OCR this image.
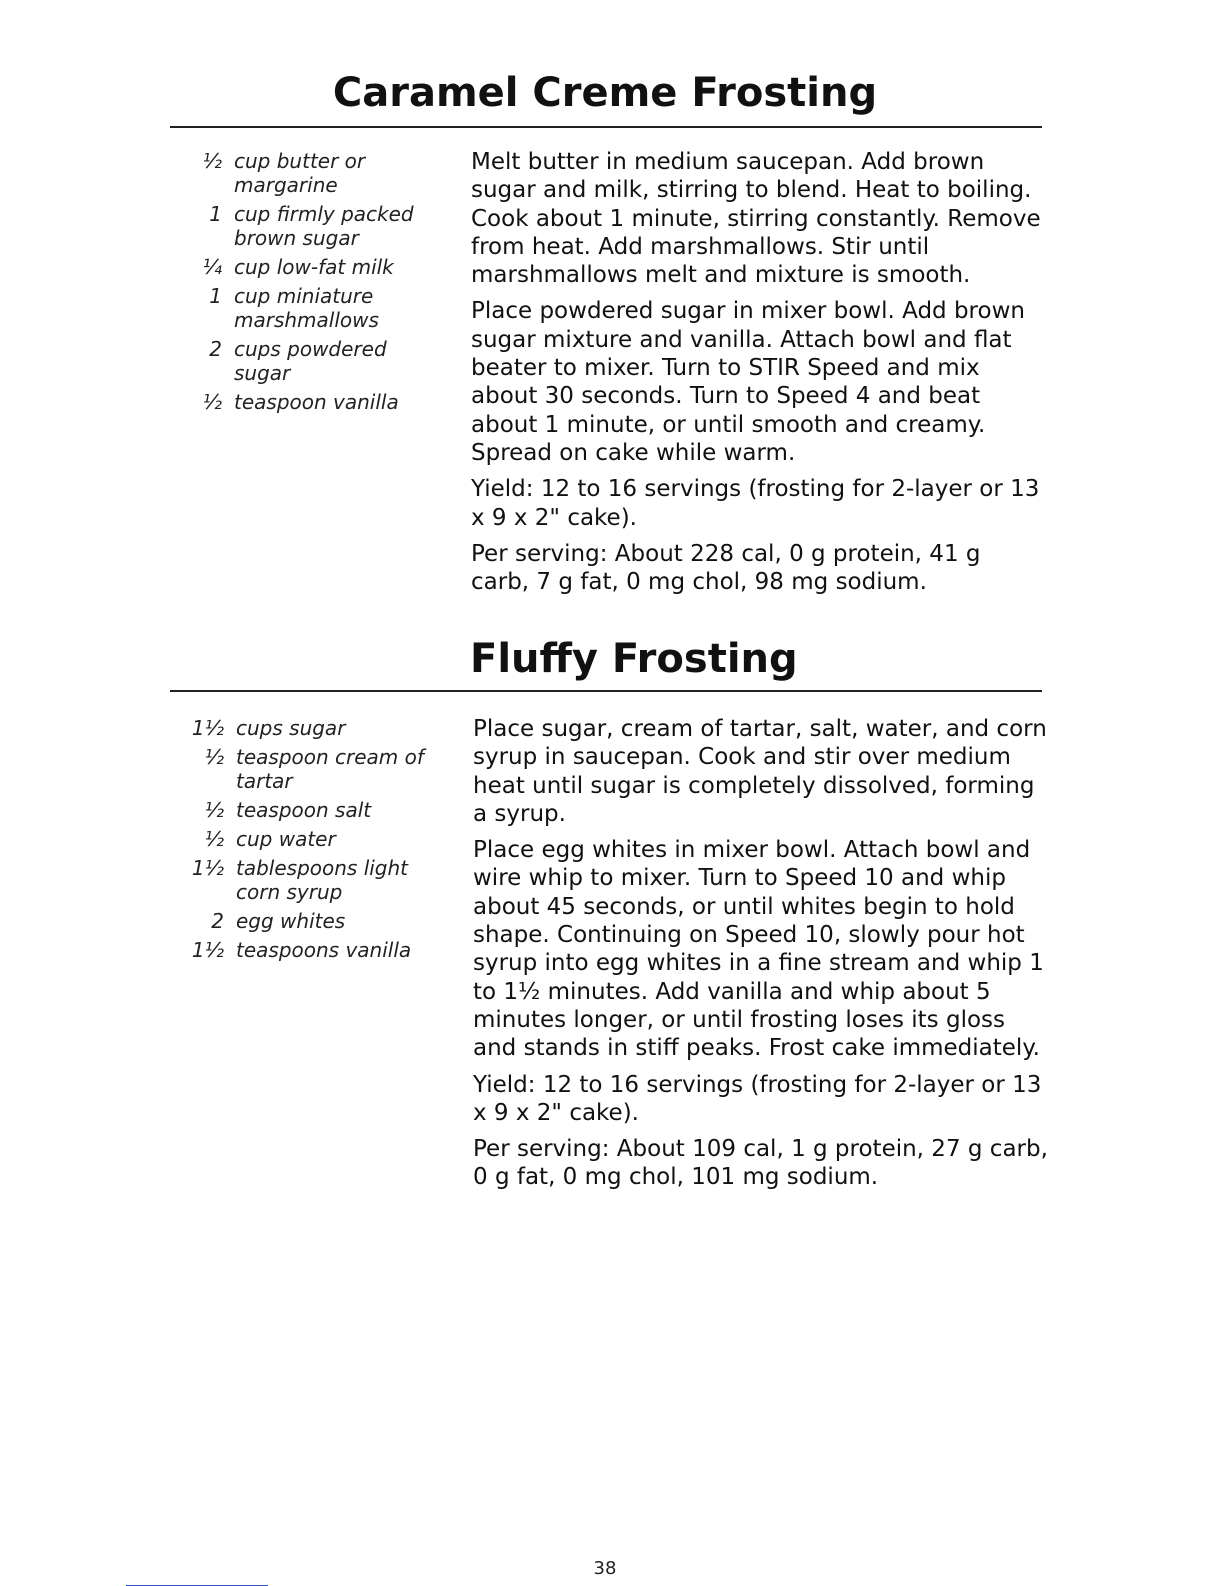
Caramel Creme Frosting
½ cup butter or margarine
1 cup firmly packed brown sugar
¼ cup low-fat milk
1 cup miniature marshmallows
2 cups powdered sugar
½ teaspoon vanilla

Melt butter in medium saucepan. Add brown sugar and milk, stirring to blend. Heat to boiling. Cook about 1 minute, stirring constantly. Remove from heat. Add marshmallows. Stir until marshmallows melt and mixture is smooth.

Place powdered sugar in mixer bowl. Add brown sugar mixture and vanilla. Attach bowl and flat beater to mixer. Turn to STIR Speed and mix about 30 seconds. Turn to Speed 4 and beat about 1 minute, or until smooth and creamy. Spread on cake while warm.

Yield: 12 to 16 servings (frosting for 2-layer or 13 x 9 x 2" cake).

Per serving: About 228 cal, 0 g protein, 41 g carb, 7 g fat, 0 mg chol, 98 mg sodium.

Fluffy Frosting
1½ cups sugar
½ teaspoon cream of tartar
½ teaspoon salt
½ cup water
1½ tablespoons light corn syrup
2 egg whites
1½ teaspoons vanilla

Place sugar, cream of tartar, salt, water, and corn syrup in saucepan. Cook and stir over medium heat until sugar is completely dissolved, forming a syrup.

Place egg whites in mixer bowl. Attach bowl and wire whip to mixer. Turn to Speed 10 and whip about 45 seconds, or until whites begin to hold shape. Continuing on Speed 10, slowly pour hot syrup into egg whites in a fine stream and whip 1 to 1½ minutes. Add vanilla and whip about 5 minutes longer, or until frosting loses its gloss and stands in stiff peaks. Frost cake immediately.

Yield: 12 to 16 servings (frosting for 2-layer or 13 x 9 x 2" cake).

Per serving: About 109 cal, 1 g protein, 27 g carb, 0 g fat, 0 mg chol, 101 mg sodium.

38
